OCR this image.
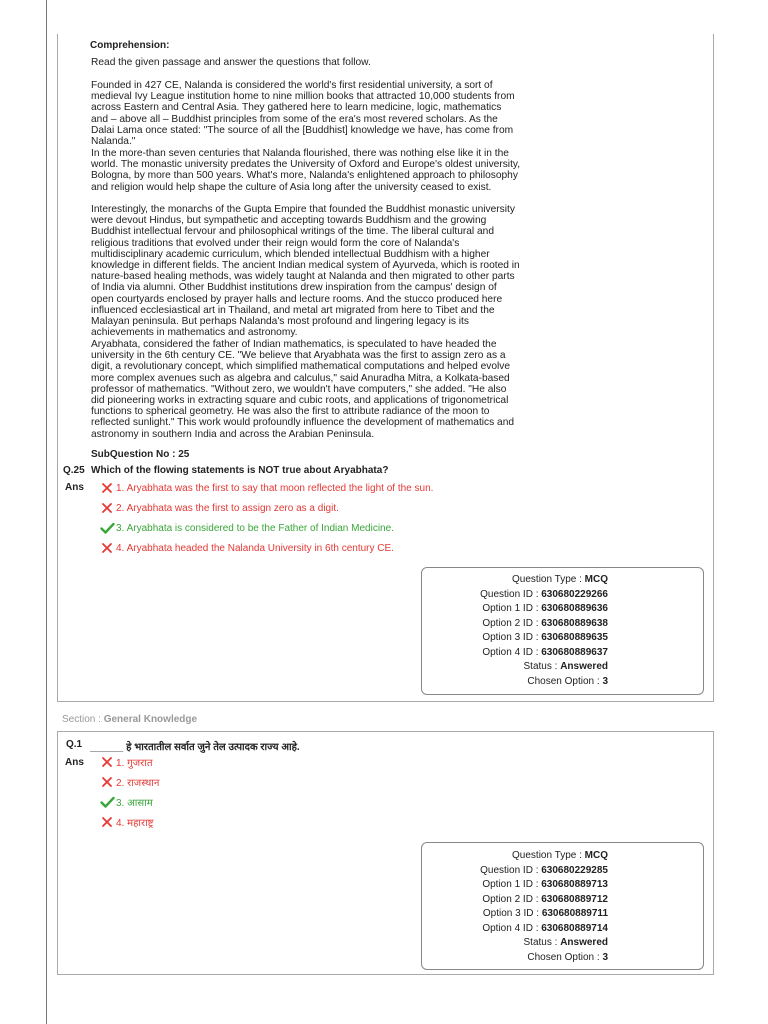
Comprehension:

Read the given passage and answer the questions that follow.

Founded in 427 CE, Nalanda is considered the world's first residential university, a sort of medieval Ivy League institution home to nine million books that attracted 10,000 students from across Eastern and Central Asia. They gathered here to learn medicine, logic, mathematics and – above all – Buddhist principles from some of the era's most revered scholars. As the Dalai Lama once stated: "The source of all the [Buddhist] knowledge we have, has come from Nalanda."

In the more-than seven centuries that Nalanda flourished, there was nothing else like it in the world. The monastic university predates the University of Oxford and Europe's oldest university, Bologna, by more than 500 years. What's more, Nalanda's enlightened approach to philosophy and religion would help shape the culture of Asia long after the university ceased to exist.

Interestingly, the monarchs of the Gupta Empire that founded the Buddhist monastic university were devout Hindus, but sympathetic and accepting towards Buddhism and the growing Buddhist intellectual fervour and philosophical writings of the time. The liberal cultural and religious traditions that evolved under their reign would form the core of Nalanda's multidisciplinary academic curriculum, which blended intellectual Buddhism with a higher knowledge in different fields. The ancient Indian medical system of Ayurveda, which is rooted in nature-based healing methods, was widely taught at Nalanda and then migrated to other parts of India via alumni. Other Buddhist institutions drew inspiration from the campus' design of open courtyards enclosed by prayer halls and lecture rooms. And the stucco produced here influenced ecclesiastical art in Thailand, and metal art migrated from here to Tibet and the Malayan peninsula. But perhaps Nalanda's most profound and lingering legacy is its achievements in mathematics and astronomy.

Aryabhata, considered the father of Indian mathematics, is speculated to have headed the university in the 6th century CE. "We believe that Aryabhata was the first to assign zero as a digit, a revolutionary concept, which simplified mathematical computations and helped evolve more complex avenues such as algebra and calculus," said Anuradha Mitra, a Kolkata-based professor of mathematics. "Without zero, we wouldn't have computers," she added. "He also did pioneering works in extracting square and cubic roots, and applications of trigonometrical functions to spherical geometry. He was also the first to attribute radiance of the moon to reflected sunlight." This work would profoundly influence the development of mathematics and astronomy in southern India and across the Arabian Peninsula.

SubQuestion No : 25
Q.25 Which of the flowing statements is NOT true about Aryabhata?
Ans	1. Aryabhata was the first to say that moon reflected the light of the sun.
2. Aryabhata was the first to assign zero as a digit.
3. Aryabhata is considered to be the Father of Indian Medicine.
4. Aryabhata headed the Nalanda University in 6th century CE.
Question Type : MCQ
Question ID : 630680229266
Option 1 ID : 630680889636
Option 2 ID : 630680889638
Option 3 ID : 630680889635
Option 4 ID : 630680889637
Status : Answered
Chosen Option : 3
Section : General Knowledge
Q.1 ______ हे भारतातील सर्वात जुने तेल उत्पादक राज्य आहे.
Ans	1. गुजरात
2. राजस्थान
3. आसाम
4. महाराष्ट्र
Question Type : MCQ
Question ID : 630680229285
Option 1 ID : 630680889713
Option 2 ID : 630680889712
Option 3 ID : 630680889711
Option 4 ID : 630680889714
Status : Answered
Chosen Option : 3
